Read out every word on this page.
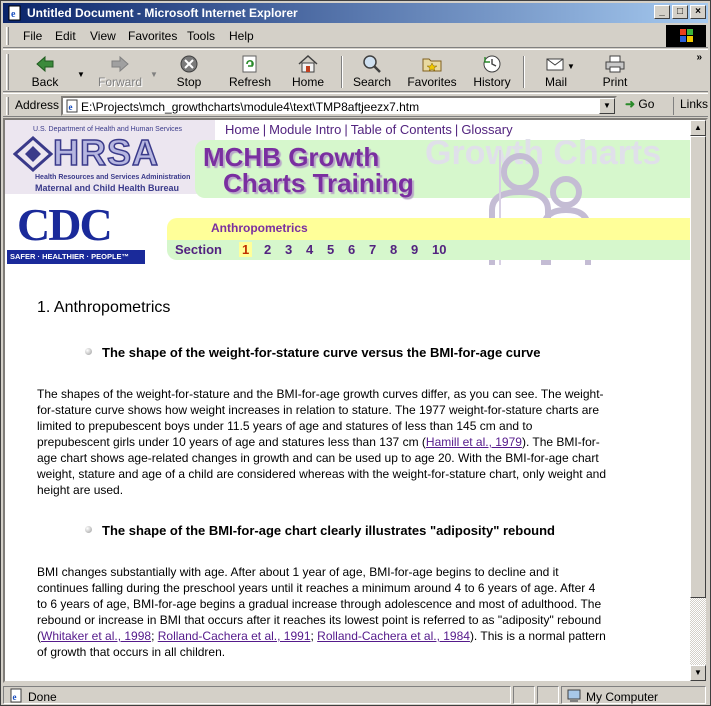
e Untitled Document - Microsoft Internet Explorer	_	□	×
File Edit View Favorites Tools Help
Back
▼
Forward
▼
Stop	Refresh	Home	Search	Favorites	History	Mail
▼
Print
»
Address e
E:\Projects\mch_growthcharts\module4\text\TMP8aftjeezx7.htm	▼	➜ Go	Links
U.S. Department of Health and Human Services
HRSA
Health Resources and Services Administration
Maternal and Child Health Bureau
CDC
SAFER · HEALTHIER · PEOPLE™
Home | Module Intro | Table of Contents | Glossary
Growth Charts
MCHB Growth
Charts Training
Anthropometrics
Section 1 2 3 4 5 6 7 8 9 10
1. Anthropometrics
The shape of the weight-for-stature curve versus the BMI-for-age curve
The shapes of the weight-for-stature and the BMI-for-age growth curves differ, as you can see. The weight-for-stature curve shows how weight increases in relation to stature. The 1977 weight-for-stature charts are limited to prepubescent boys under 11.5 years of age and statures of less than 145 cm and to prepubescent girls under 10 years of age and statures less than 137 cm (Hamill et al., 1979). The BMI-for-age chart shows age-related changes in growth and can be used up to age 20. With the BMI-for-age chart weight, stature and age of a child are considered whereas with the weight-for-stature chart, only weight and height are used.
The shape of the BMI-for-age chart clearly illustrates "adiposity" rebound
BMI changes substantially with age. After about 1 year of age, BMI-for-age begins to decline and it continues falling during the preschool years until it reaches a minimum around 4 to 6 years of age. After 4 to 6 years of age, BMI-for-age begins a gradual increase through adolescence and most of adulthood. The rebound or increase in BMI that occurs after it reaches its lowest point is referred to as "adiposity" rebound (Whitaker et al., 1998; Rolland-Cachera et al., 1991; Rolland-Cachera et al., 1984). This is a normal pattern of growth that occurs in all children.
▲
▼
e Done	My Computer
